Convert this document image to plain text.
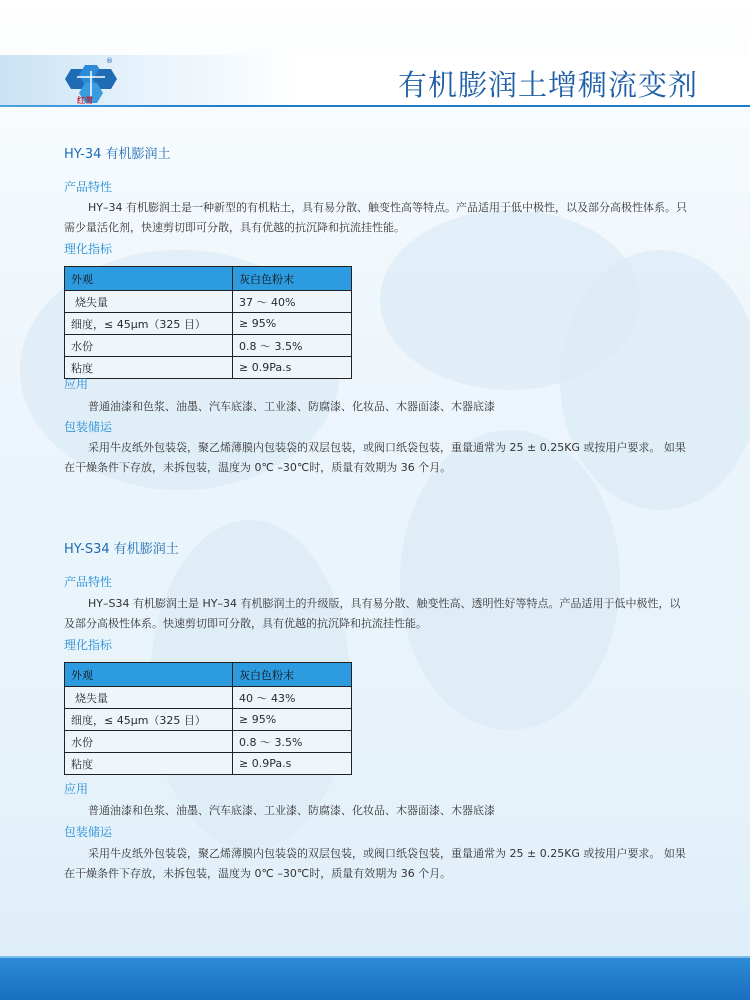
®
红雪	有机膨润土增稠流变剂
HY-34 有机膨润土
产品特性
HY–34 有机膨润土是一种新型的有机粘土，具有易分散、触变性高等特点。产品适用于低中极性，以及部分高极性体系。只需少量活化剂，快速剪切即可分散，具有优越的抗沉降和抗流挂性能。
理化指标
外观	灰白色粉末
烧失量	37 ～ 40%
细度，≤ 45μm（325 目）	≥ 95%
水份	0.8 ～ 3.5%
粘度	≥ 0.9Pa.s
应用
普通油漆和色浆、油墨、汽车底漆、工业漆、防腐漆、化妆品、木器面漆、木器底漆
包装储运
采用牛皮纸外包装袋，聚乙烯薄膜内包装袋的双层包装，或阀口纸袋包装，重量通常为 25 ± 0.25KG 或按用户要求。 如果在干燥条件下存放，未拆包装，温度为 0℃ –30℃时，质量有效期为 36 个月。
HY-S34 有机膨润土
产品特性
HY–S34 有机膨润土是 HY–34 有机膨润土的升级版，具有易分散、触变性高、透明性好等特点。产品适用于低中极性，以及部分高极性体系。快速剪切即可分散，具有优越的抗沉降和抗流挂性能。
理化指标
外观	灰白色粉末
烧失量	40 ～ 43%
细度，≤ 45μm（325 目）	≥ 95%
水份	0.8 ～ 3.5%
粘度	≥ 0.9Pa.s
应用
普通油漆和色浆、油墨、汽车底漆、工业漆、防腐漆、化妆品、木器面漆、木器底漆
包装储运
采用牛皮纸外包装袋，聚乙烯薄膜内包装袋的双层包装，或阀口纸袋包装，重量通常为 25 ± 0.25KG 或按用户要求。 如果在干燥条件下存放，未拆包装，温度为 0℃ –30℃时，质量有效期为 36 个月。
